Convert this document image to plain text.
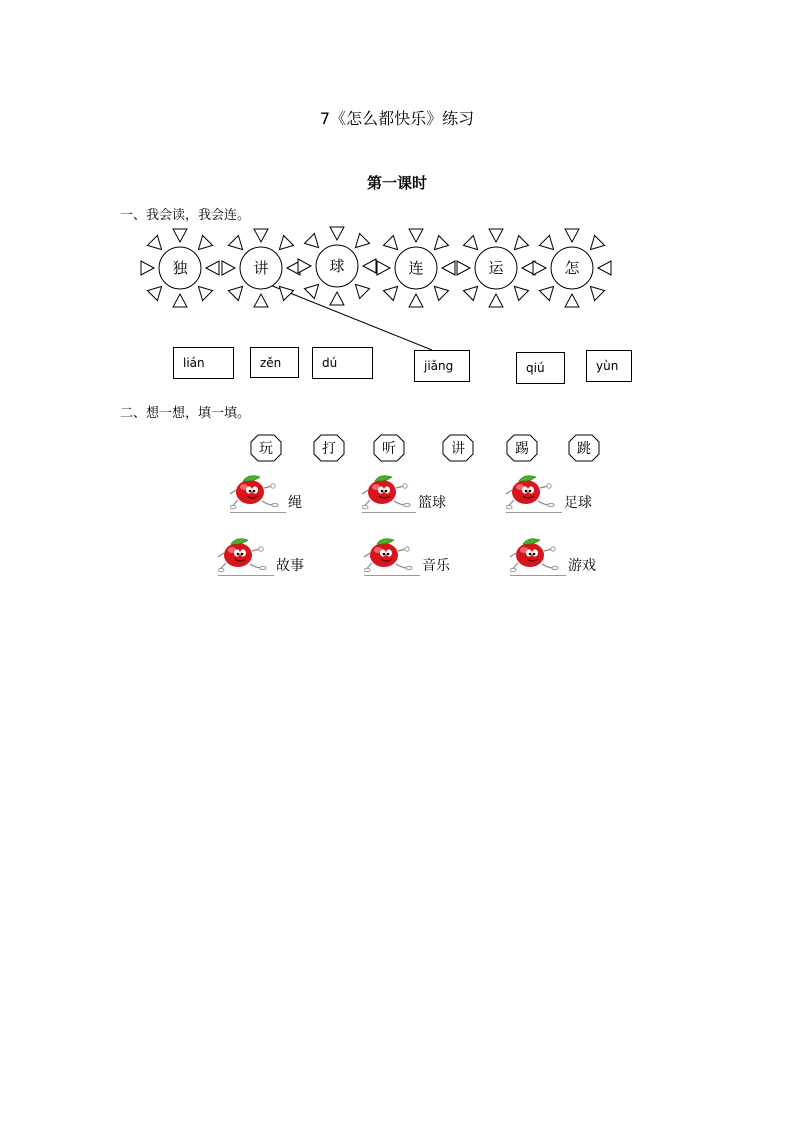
7《怎么都快乐》练习
第一课时
一、我会读，我会连。
独	讲	球	连	运	怎
lián	zěn	dú	jiǎng	qiú	yùn
二、想一想，填一填。
玩	打	听	讲	踢	跳
绳	篮球	足球
故事	音乐	游戏
